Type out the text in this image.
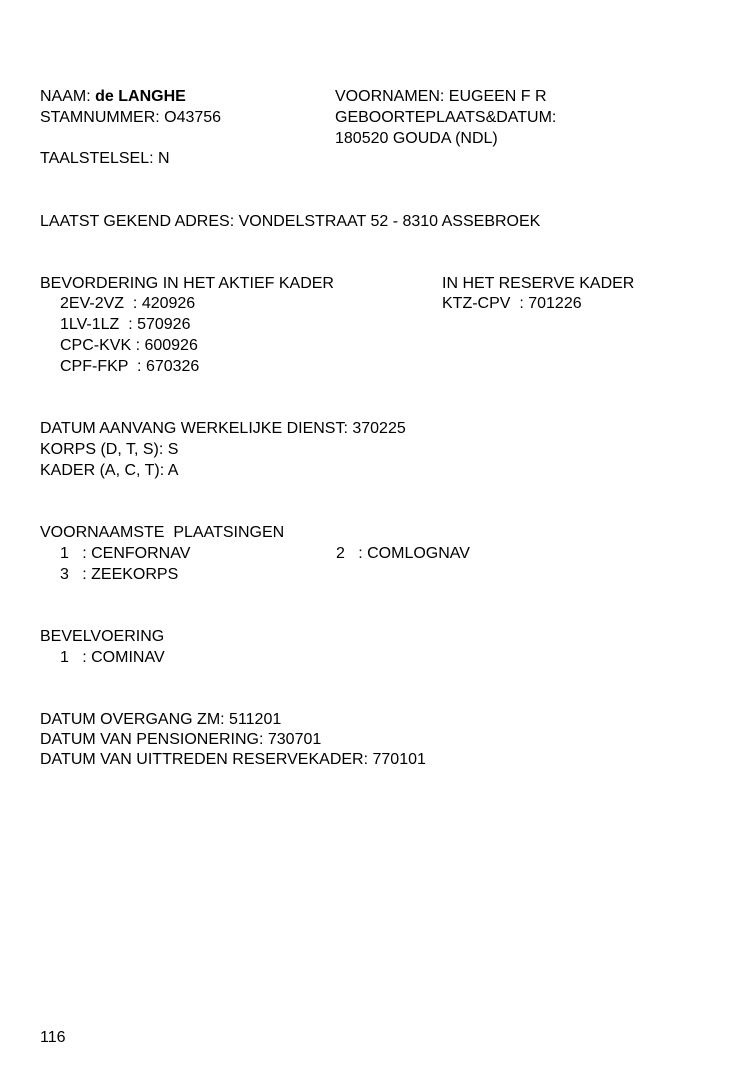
NAAM: de LANGHE
STAMNUMMER: O43756
TAALSTELSEL: N
VOORNAMEN: EUGEEN F R
GEBOORTEPLAATS&DATUM:
180520 GOUDA (NDL)
LAATST GEKEND ADRES: VONDELSTRAAT 52 - 8310 ASSEBROEK
BEVORDERING IN HET AKTIEF KADER
2EV-2VZ  : 420926
1LV-1LZ  : 570926
CPC-KVK : 600926
CPF-FKP  : 670326
IN HET RESERVE KADER
KTZ-CPV  : 701226
DATUM AANVANG WERKELIJKE DIENST: 370225
KORPS (D, T, S): S
KADER (A, C, T): A
VOORNAAMSTE  PLAATSINGEN
1   : CENFORNAV	2   : COMLOGNAV
3   : ZEEKORPS
BEVELVOERING
1   : COMINAV
DATUM OVERGANG ZM: 511201
DATUM VAN PENSIONERING: 730701
DATUM VAN UITTREDEN RESERVEKADER: 770101
116
